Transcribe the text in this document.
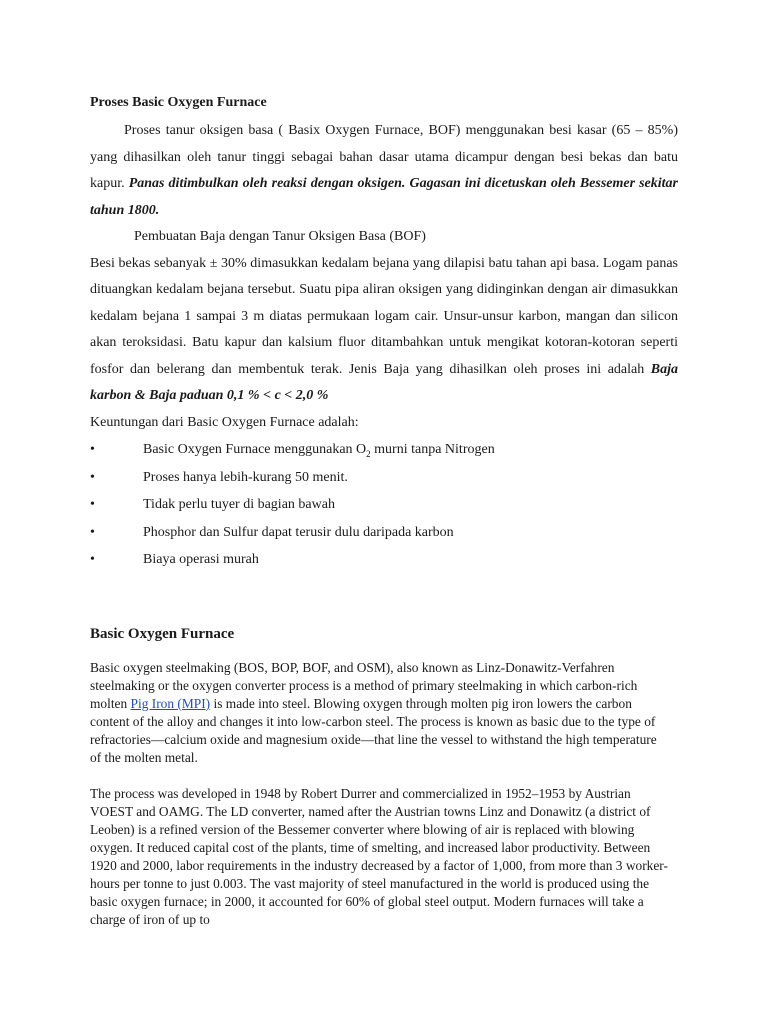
Proses Basic Oxygen Furnace

Proses tanur oksigen basa ( Basix Oxygen Furnace, BOF) menggunakan besi kasar (65 – 85%) yang dihasilkan oleh tanur tinggi sebagai bahan dasar utama dicampur dengan besi bekas dan batu kapur. Panas ditimbulkan oleh reaksi dengan oksigen. Gagasan ini dicetuskan oleh Bessemer sekitar tahun 1800.

Pembuatan Baja dengan Tanur Oksigen Basa (BOF)

Besi bekas sebanyak ± 30% dimasukkan kedalam bejana yang dilapisi batu tahan api basa. Logam panas dituangkan kedalam bejana tersebut. Suatu pipa aliran oksigen yang didinginkan dengan air dimasukkan kedalam bejana 1 sampai 3 m diatas permukaan logam cair. Unsur-unsur karbon, mangan dan silicon akan teroksidasi. Batu kapur dan kalsium fluor ditambahkan untuk mengikat kotoran-kotoran seperti fosfor dan belerang dan membentuk terak. Jenis Baja yang dihasilkan oleh proses ini adalah Baja karbon & Baja paduan 0,1 % < c < 2,0 %

Keuntungan dari Basic Oxygen Furnace adalah:

•	Basic Oxygen Furnace menggunakan $O_2$ murni tanpa Nitrogen
•	Proses hanya lebih-kurang 50 menit.
•	Tidak perlu tuyer di bagian bawah
•	Phosphor dan Sulfur dapat terusir dulu daripada karbon
•	Biaya operasi murah
Basic Oxygen Furnace

Basic oxygen steelmaking (BOS, BOP, BOF, and OSM), also known as Linz-Donawitz-Verfahren steelmaking or the oxygen converter process is a method of primary steelmaking in which carbon-rich molten Pig Iron (MPI) is made into steel. Blowing oxygen through molten pig iron lowers the carbon content of the alloy and changes it into low-carbon steel. The process is known as basic due to the type of refractories—calcium oxide and magnesium oxide—that line the vessel to withstand the high temperature of the molten metal.

The process was developed in 1948 by Robert Durrer and commercialized in 1952–1953 by Austrian VOEST and OAMG. The LD converter, named after the Austrian towns Linz and Donawitz (a district of Leoben) is a refined version of the Bessemer converter where blowing of air is replaced with blowing oxygen. It reduced capital cost of the plants, time of smelting, and increased labor productivity. Between 1920 and 2000, labor requirements in the industry decreased by a factor of 1,000, from more than 3 worker-hours per tonne to just 0.003. The vast majority of steel manufactured in the world is produced using the basic oxygen furnace; in 2000, it accounted for 60% of global steel output. Modern furnaces will take a charge of iron of up to
